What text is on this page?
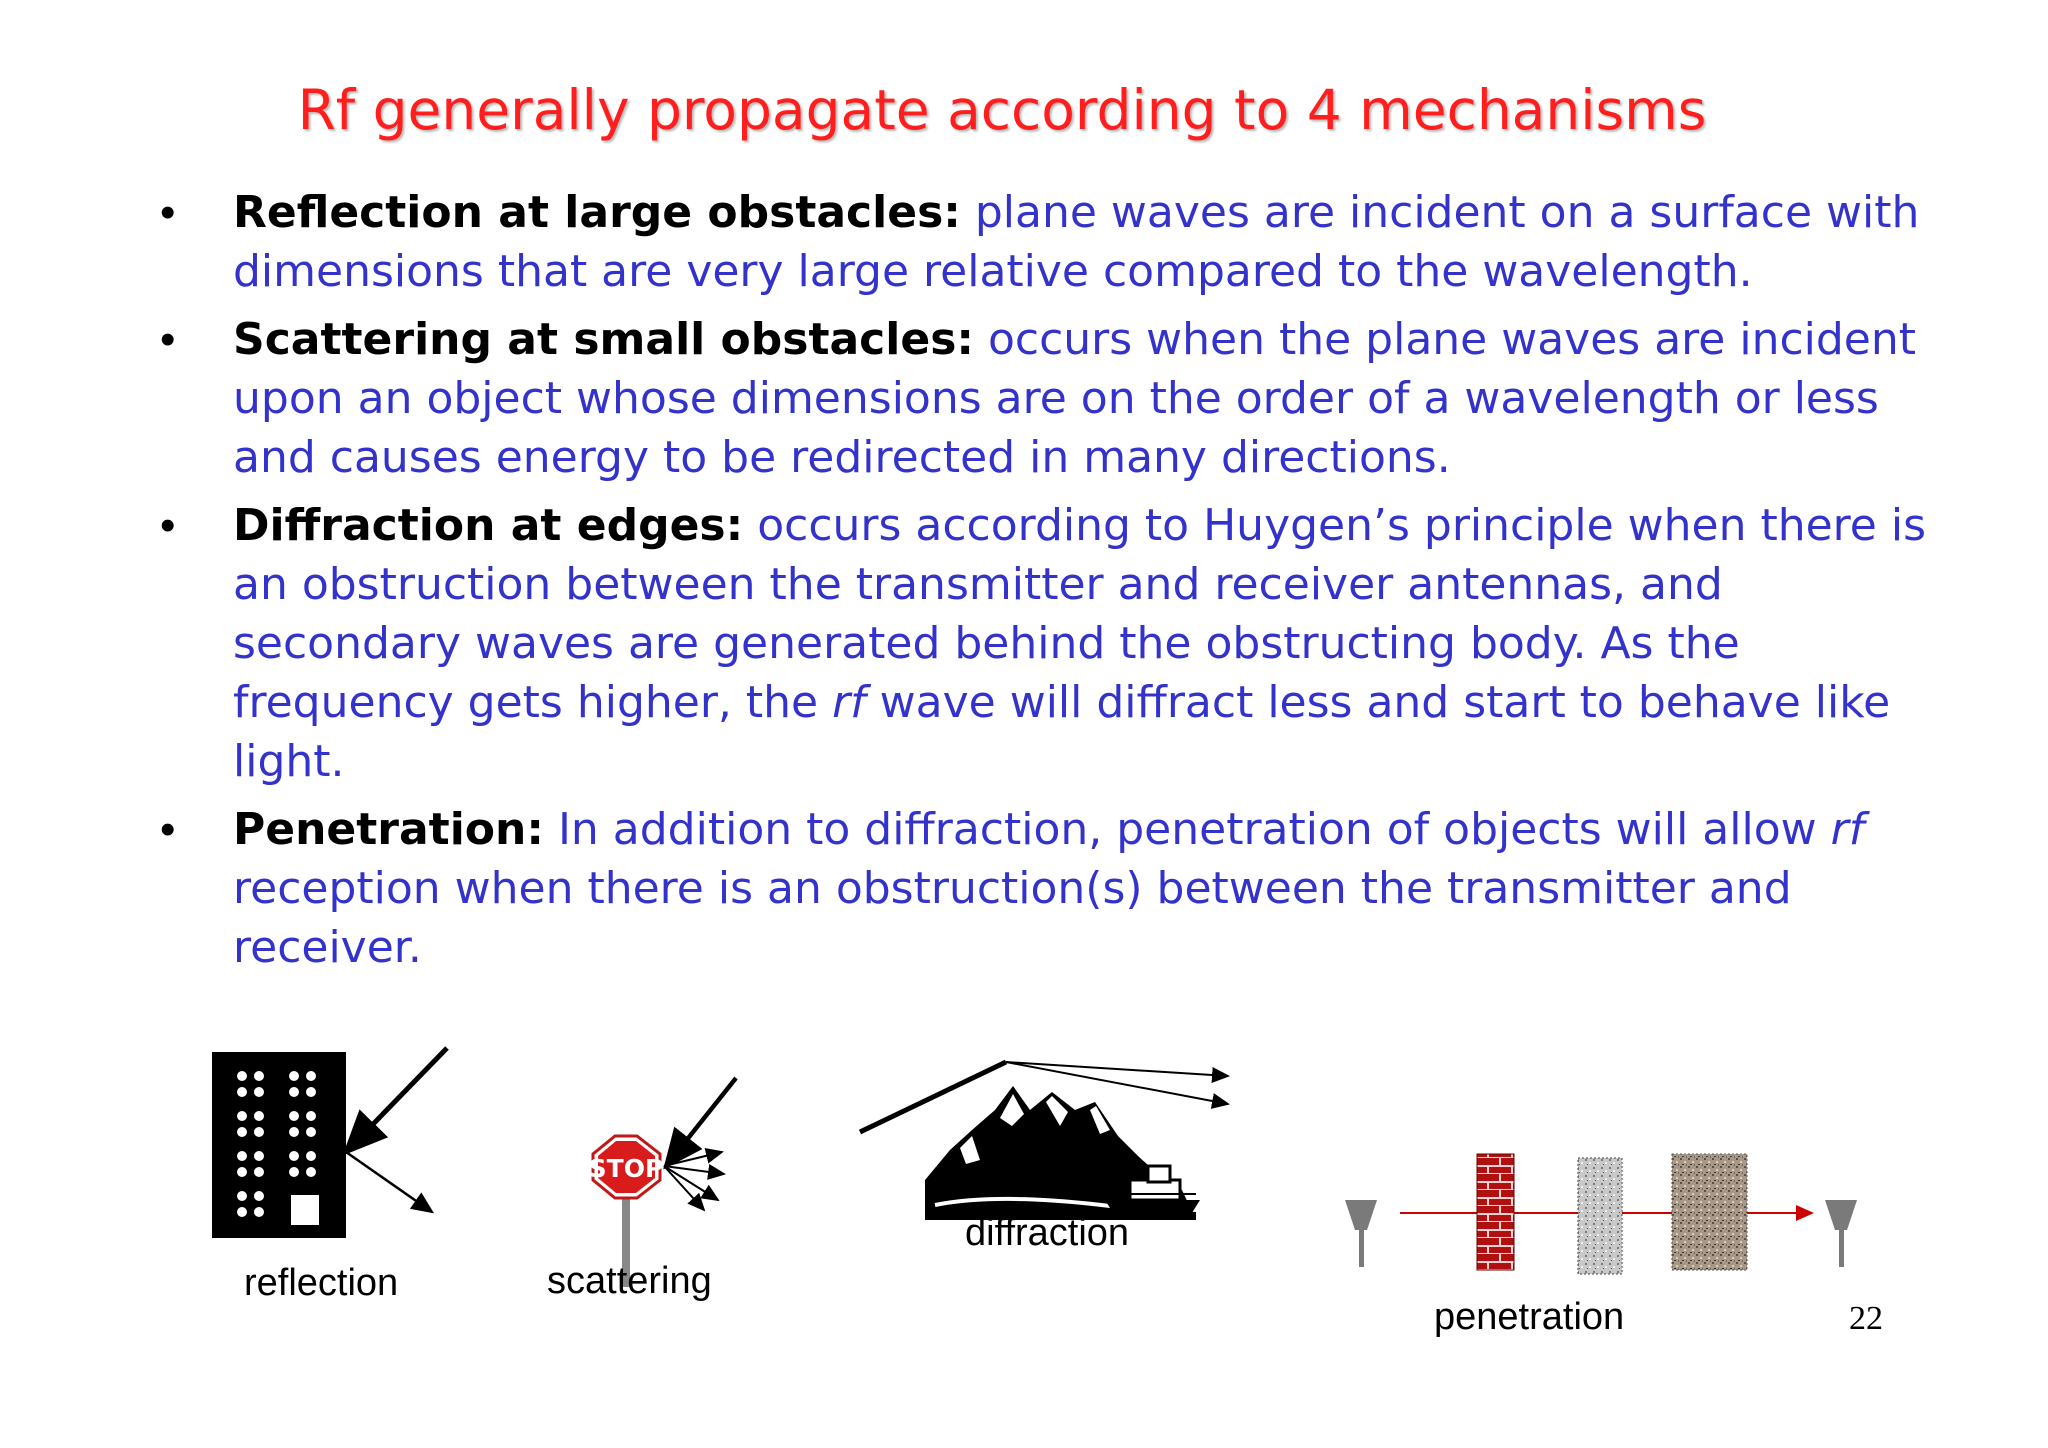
Rf generally propagate according to 4 mechanisms
• Reflection at large obstacles: plane waves are incident on a surface with dimensions that are very large relative compared to the wavelength.
• Scattering at small obstacles: occurs when the plane waves are incident upon an object whose dimensions are on the order of a wavelength or less and causes energy to be redirected in many directions.
• Diffraction at edges: occurs according to Huygen’s principle when there is an obstruction between the transmitter and receiver antennas, and secondary waves are generated behind the obstructing body. As the frequency gets higher, the rf wave will diffract less and start to behave like light.
• Penetration: In addition to diffraction, penetration of objects will allow rf reception when there is an obstruction(s) between the transmitter and receiver.
STOP
reflection	scattering
diffraction
penetration	22
